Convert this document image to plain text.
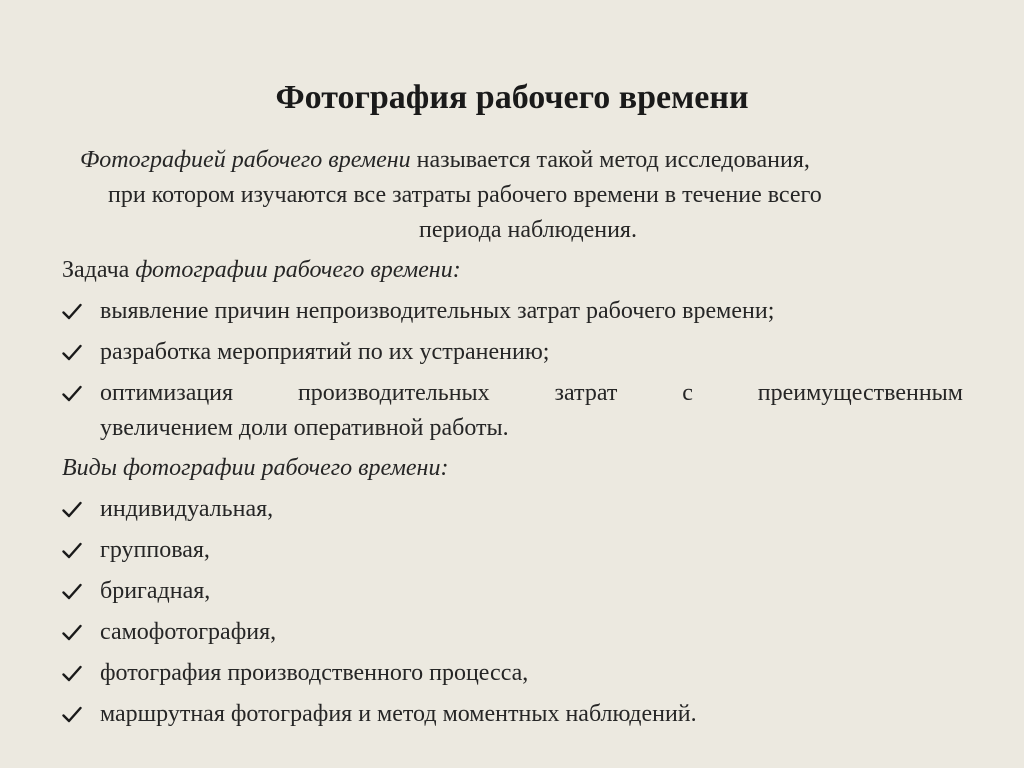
Фотография рабочего времени
Фотографией рабочего времени называется такой метод исследования,
при котором изучаются все затраты рабочего времени в течение всего
периода наблюдения.
Задача фотографии рабочего времени:
выявление причин непроизводительных затрат рабочего времени;
разработка мероприятий по их устранению;
оптимизация производительных затрат с преимущественным
увеличением доли оперативной работы.
Виды фотографии рабочего времени:
индивидуальная,
групповая,
бригадная,
самофотография,
фотография производственного процесса,
маршрутная фотография и метод моментных наблюдений.
